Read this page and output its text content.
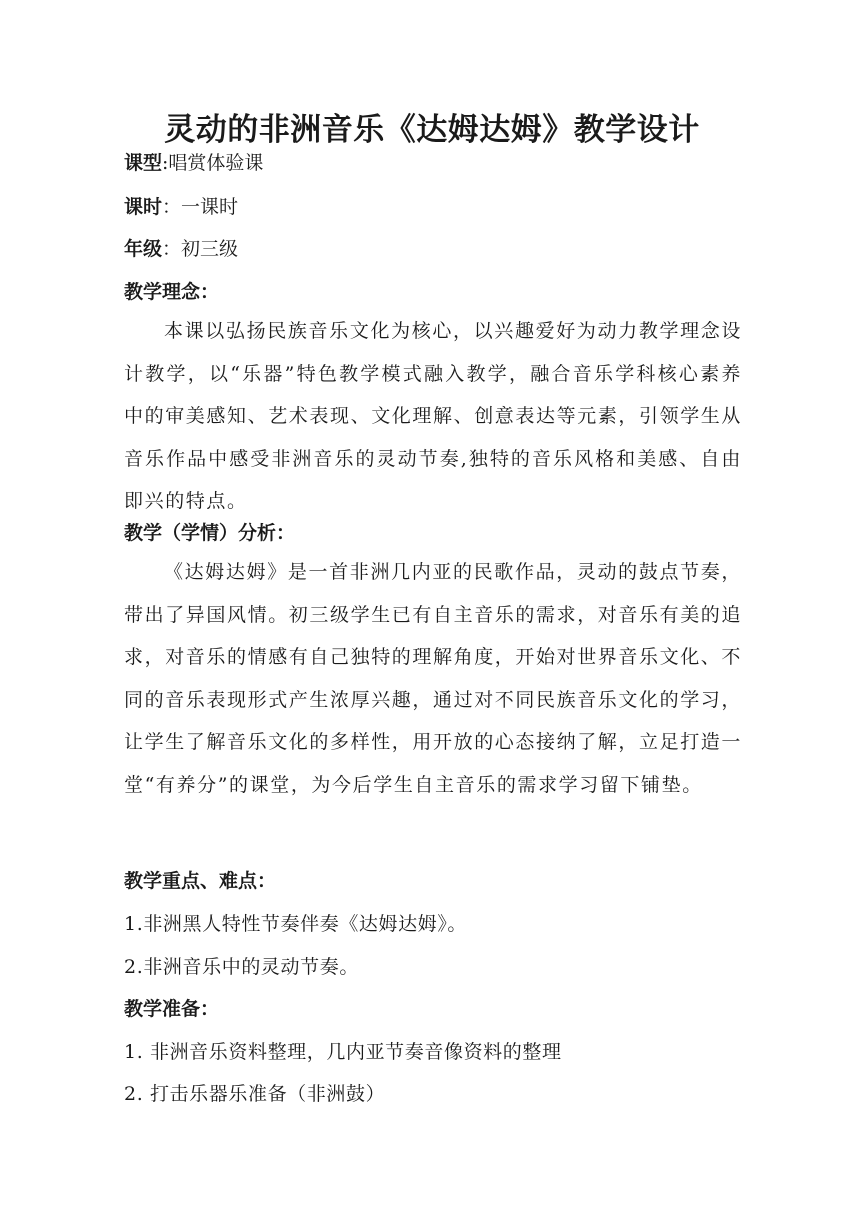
灵动的非洲音乐《达姆达姆》教学设计
课型:唱赏体验课
课时：一课时
年级：初三级
教学理念：

本课以弘扬民族音乐文化为核心，以兴趣爱好为动力教学理念设计教学，以“乐器”特色教学模式融入教学，融合音乐学科核心素养中的审美感知、艺术表现、文化理解、创意表达等元素，引领学生从音乐作品中感受非洲音乐的灵动节奏,独特的音乐风格和美感、自由即兴的特点。

教学（学情）分析：

《达姆达姆》是一首非洲几内亚的民歌作品，灵动的鼓点节奏，带出了异国风情。初三级学生已有自主音乐的需求，对音乐有美的追求，对音乐的情感有自己独特的理解角度，开始对世界音乐文化、不同的音乐表现形式产生浓厚兴趣，通过对不同民族音乐文化的学习，让学生了解音乐文化的多样性，用开放的心态接纳了解，立足打造一堂“有养分”的课堂，为今后学生自主音乐的需求学习留下铺垫。

教学重点、难点：
1.非洲黑人特性节奏伴奏《达姆达姆》。
2.非洲音乐中的灵动节奏。
教学准备：
1. 非洲音乐资料整理，几内亚节奏音像资料的整理
2. 打击乐器乐准备（非洲鼓）
